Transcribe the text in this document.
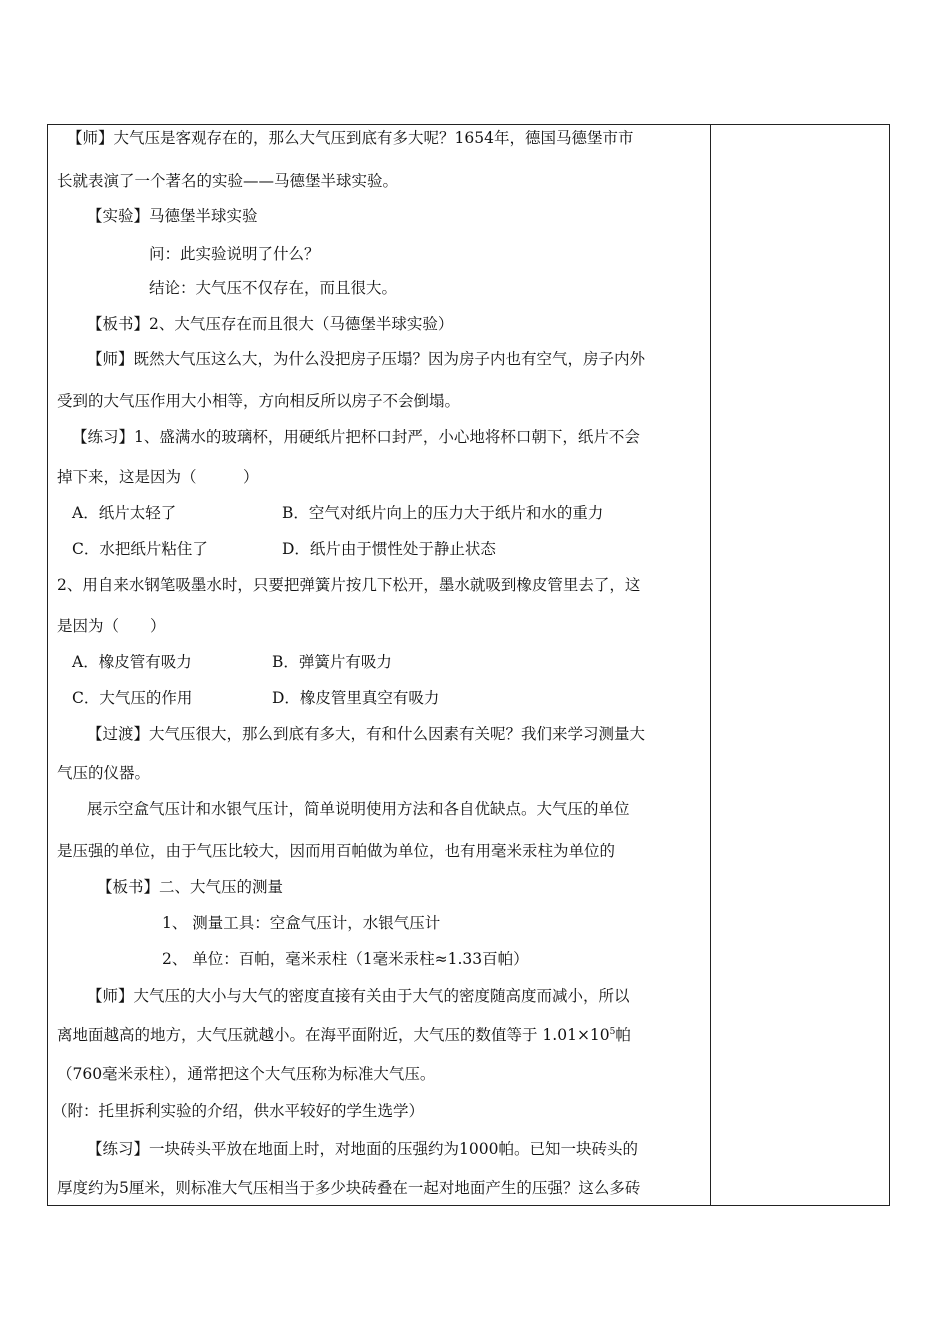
【师】大气压是客观存在的，那么大气压到底有多大呢？1654年，德国马德堡市市
长就表演了一个著名的实验——马德堡半球实验。
【实验】马德堡半球实验
问：此实验说明了什么？
结论：大气压不仅存在，而且很大。
【板书】2、大气压存在而且很大（马德堡半球实验）
【师】既然大气压这么大，为什么没把房子压塌？因为房子内也有空气，房子内外
受到的大气压作用大小相等，方向相反所以房子不会倒塌。
【练习】1、盛满水的玻璃杯，用硬纸片把杯口封严，小心地将杯口朝下，纸片不会
掉下来，这是因为（　　　）
A．纸片太轻了	B．空气对纸片向上的压力大于纸片和水的重力
C．水把纸片粘住了	D．纸片由于惯性处于静止状态
2、用自来水钢笔吸墨水时，只要把弹簧片按几下松开，墨水就吸到橡皮管里去了，这
是因为（　　）
A．橡皮管有吸力	B．弹簧片有吸力
C．大气压的作用	D．橡皮管里真空有吸力
【过渡】大气压很大，那么到底有多大，有和什么因素有关呢？我们来学习测量大
气压的仪器。
展示空盒气压计和水银气压计，简单说明使用方法和各自优缺点。大气压的单位
是压强的单位，由于气压比较大，因而用百帕做为单位，也有用毫米汞柱为单位的
【板书】二、大气压的测量
1、 测量工具：空盒气压计，水银气压计
2、 单位：百帕，毫米汞柱（1毫米汞柱≈1.33百帕）
【师】大气压的大小与大气的密度直接有关由于大气的密度随高度而减小，所以
离地面越高的地方，大气压就越小。在海平面附近，大气压的数值等于 $1.01\times 10^5$帕
（760毫米汞柱），通常把这个大气压称为标准大气压。
（附：托里拆利实验的介绍，供水平较好的学生选学）
【练习】一块砖头平放在地面上时，对地面的压强约为1000帕。已知一块砖头的
厚度约为5厘米，则标准大气压相当于多少块砖叠在一起对地面产生的压强？这么多砖
